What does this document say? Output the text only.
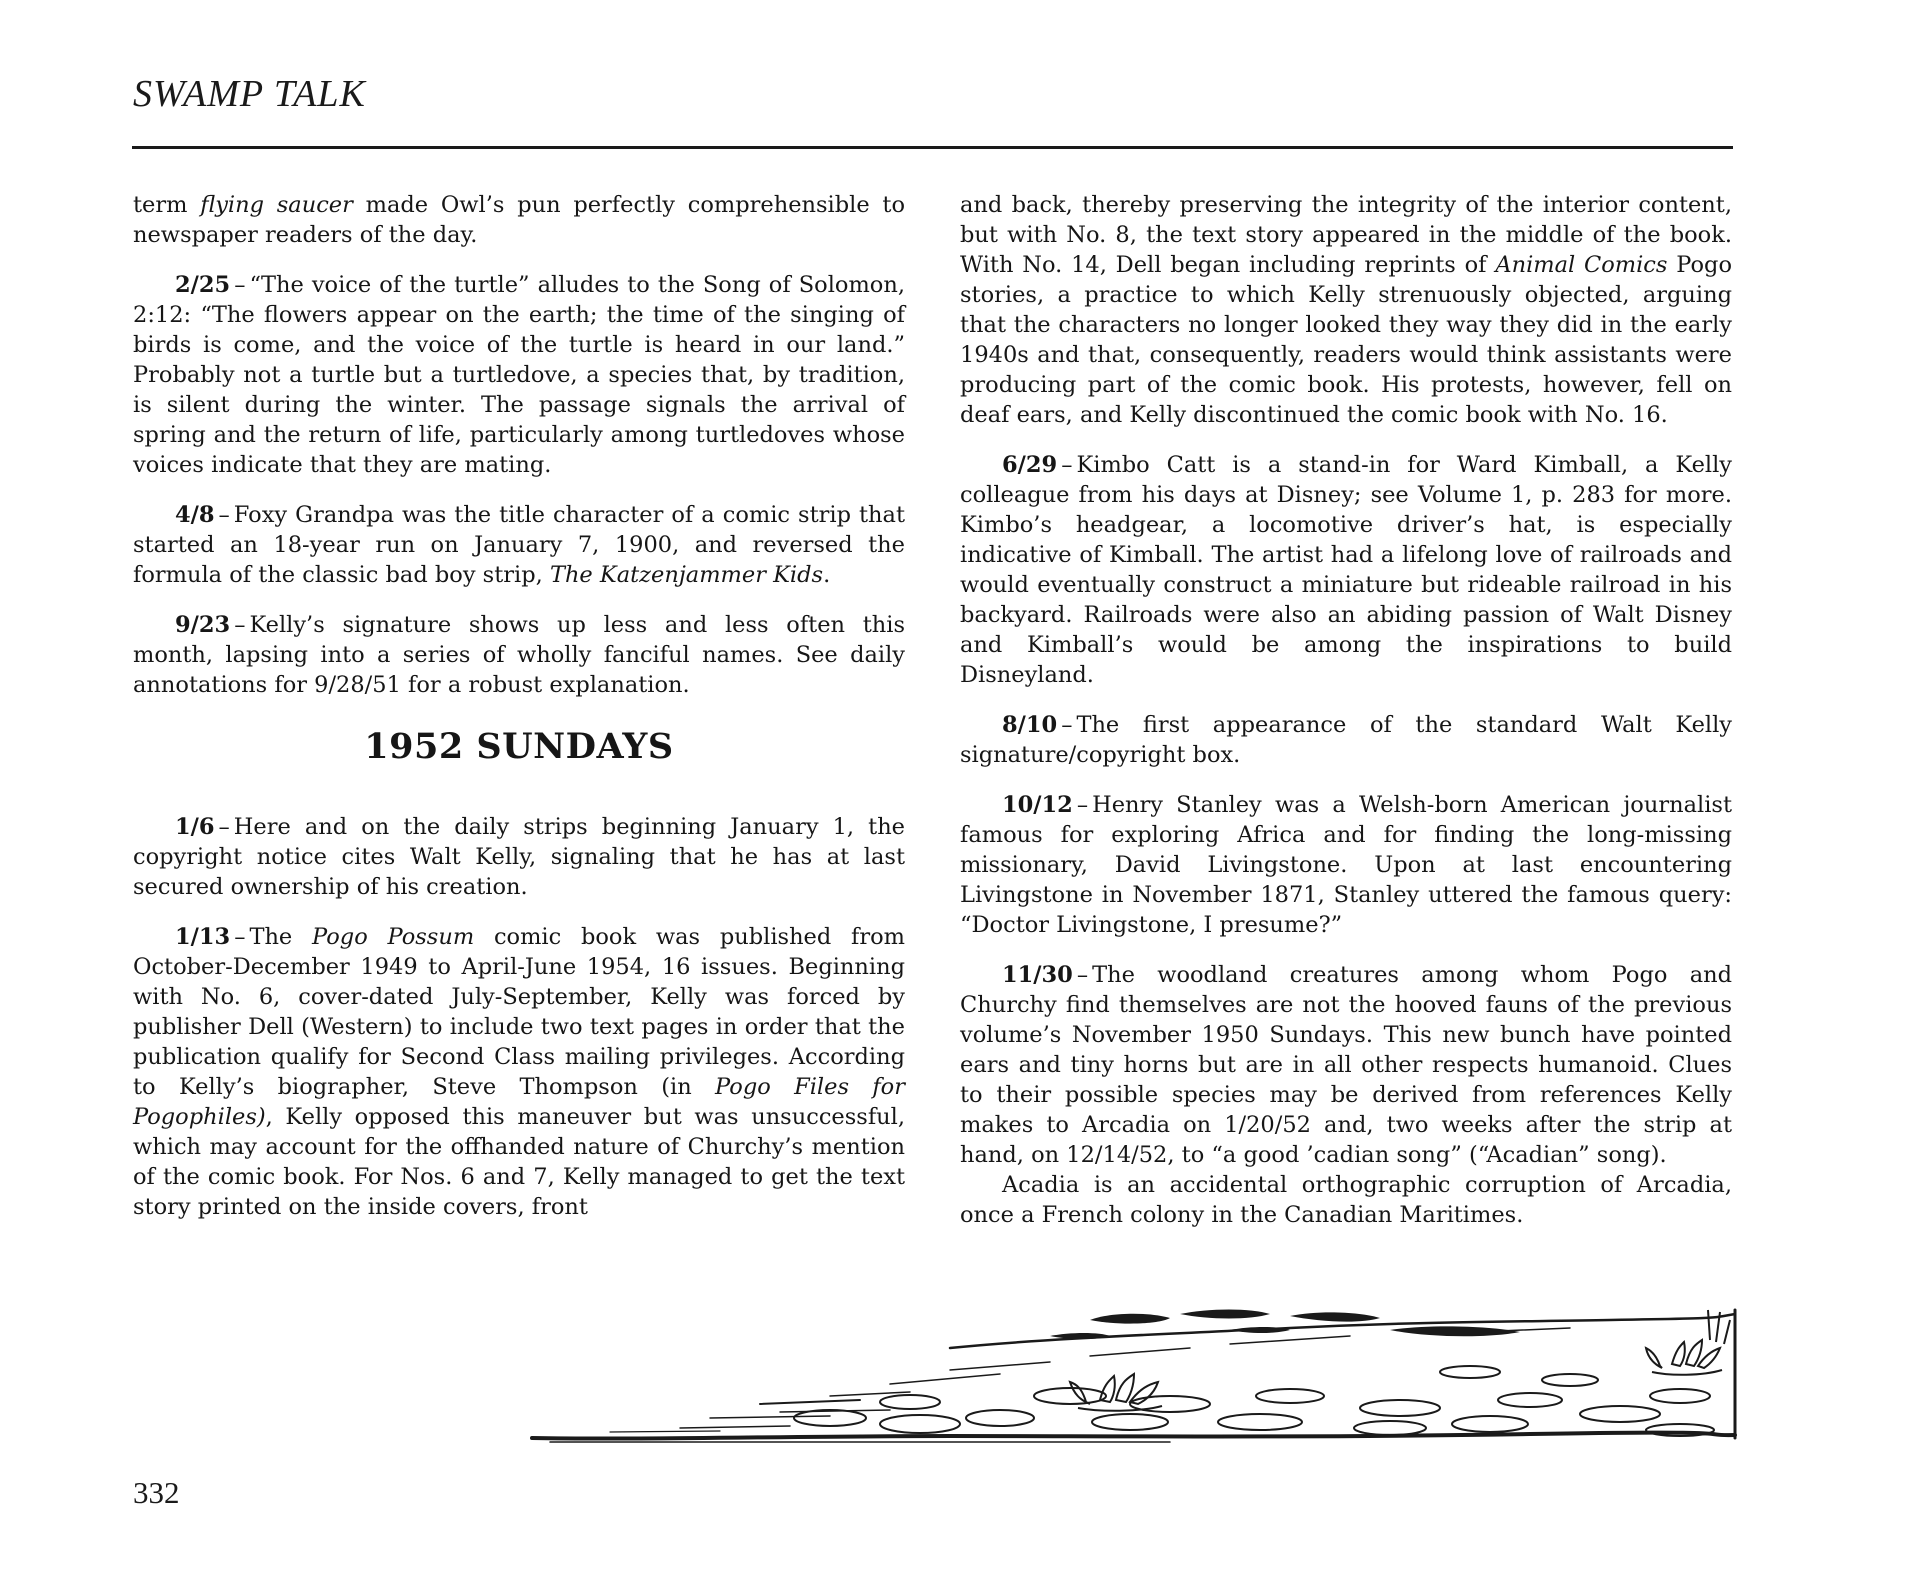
SWAMP TALK

term flying saucer made Owl’s pun perfectly comprehensible to newspaper readers of the day.

2/25 – “The voice of the turtle” alludes to the Song of Solomon, 2:12: “The flowers appear on the earth; the time of the singing of birds is come, and the voice of the turtle is heard in our land.” Probably not a turtle but a turtledove, a species that, by tradition, is silent during the winter. The passage signals the arrival of spring and the return of life, particularly among turtledoves whose voices indicate that they are mating.

4/8 – Foxy Grandpa was the title character of a comic strip that started an 18-year run on January 7, 1900, and reversed the formula of the classic bad boy strip, The Katzenjammer Kids.

9/23 – Kelly’s signature shows up less and less often this month, lapsing into a series of wholly fanciful names. See daily annotations for 9/28/51 for a robust explanation.

1952 SUNDAYS

1/6 – Here and on the daily strips beginning January 1, the copyright notice cites Walt Kelly, signaling that he has at last secured ownership of his creation.

1/13 – The Pogo Possum comic book was published from October-December 1949 to April-June 1954, 16 issues. Beginning with No. 6, cover-dated July-September, Kelly was forced by publisher Dell (Western) to include two text pages in order that the publication qualify for Second Class mailing privileges. According to Kelly’s biographer, Steve Thompson (in Pogo Files for Pogophiles), Kelly opposed this maneuver but was unsuccessful, which may account for the offhanded nature of Churchy’s mention of the comic book. For Nos. 6 and 7, Kelly managed to get the text story printed on the inside covers, front

and back, thereby preserving the integrity of the interior content, but with No. 8, the text story appeared in the middle of the book. With No. 14, Dell began including reprints of Animal Comics Pogo stories, a practice to which Kelly strenuously objected, arguing that the characters no longer looked they way they did in the early 1940s and that, consequently, readers would think assistants were producing part of the comic book. His protests, however, fell on deaf ears, and Kelly discontinued the comic book with No. 16.

6/29 – Kimbo Catt is a stand-in for Ward Kimball, a Kelly colleague from his days at Disney; see Volume 1, p. 283 for more. Kimbo’s headgear, a locomotive driver’s hat, is especially indicative of Kimball. The artist had a lifelong love of railroads and would eventually construct a miniature but rideable railroad in his backyard. Railroads were also an abiding passion of Walt Disney and Kimball’s would be among the inspirations to build Disneyland.

8/10 – The first appearance of the standard Walt Kelly signature/copyright box.

10/12 – Henry Stanley was a Welsh-born American journalist famous for exploring Africa and for finding the long-missing missionary, David Livingstone. Upon at last encountering Livingstone in November 1871, Stanley uttered the famous query: “Doctor Livingstone, I presume?”

11/30 – The woodland creatures among whom Pogo and Churchy find themselves are not the hooved fauns of the previous volume’s November 1950 Sundays. This new bunch have pointed ears and tiny horns but are in all other respects humanoid. Clues to their possible species may be derived from references Kelly makes to Arcadia on 1/20/52 and, two weeks after the strip at hand, on 12/14/52, to “a good ’cadian song” (“Acadian” song).

Acadia is an accidental orthographic corruption of Arcadia, once a French colony in the Canadian Maritimes.

332
